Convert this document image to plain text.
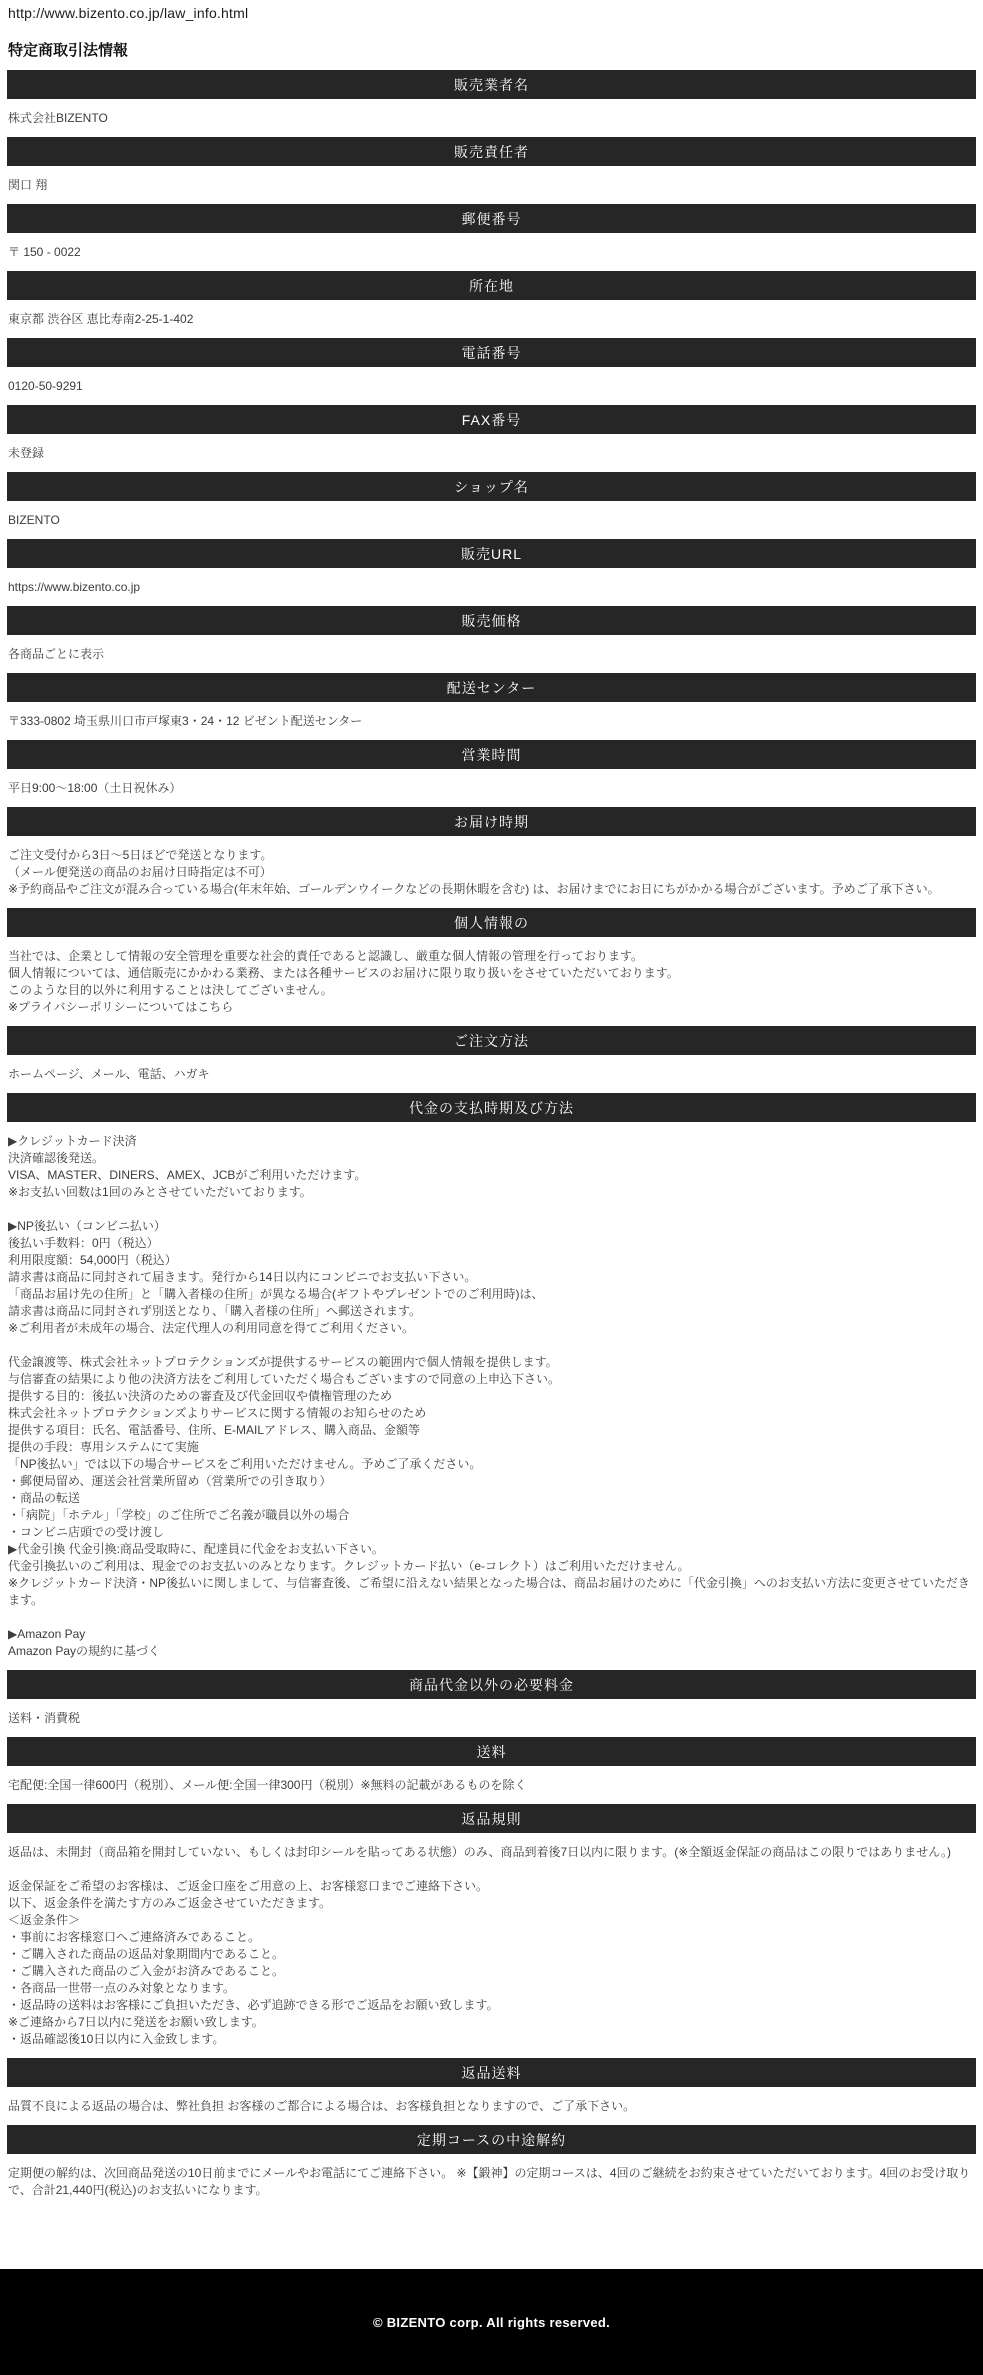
http://www.bizento.co.jp/law_info.html
特定商取引法情報
販売業者名
株式会社BIZENTO
販売責任者
関口 翔
郵便番号
〒 150 - 0022
所在地
東京都 渋谷区 恵比寿南2-25-1-402
電話番号
0120-50-9291
FAX番号
未登録
ショップ名
BIZENTO
販売URL
https://www.bizento.co.jp
販売価格
各商品ごとに表示
配送センター
〒333-0802 埼玉県川口市戸塚東3・24・12 ビゼント配送センター
営業時間
平日9:00〜18:00（土日祝休み）
お届け時期
ご注文受付から3日～5日ほどで発送となります。
（メール便発送の商品のお届け日時指定は不可）
※予約商品やご注文が混み合っている場合(年末年始、ゴールデンウイークなどの長期休暇を含む) は、お届けまでにお日にちがかかる場合がございます。予めご了承下さい。
個人情報の
当社では、企業として情報の安全管理を重要な社会的責任であると認識し、厳重な個人情報の管理を行っております。
個人情報については、通信販売にかかわる業務、または各種サービスのお届けに限り取り扱いをさせていただいております。
このような目的以外に利用することは決してございません。
※プライバシーポリシーについてはこちら
ご注文方法
ホームページ、メール、電話、ハガキ
代金の支払時期及び方法
▶クレジットカード決済
決済確認後発送。
VISA、MASTER、DINERS、AMEX、JCBがご利用いただけます。
※お支払い回数は1回のみとさせていただいております。

▶NP後払い（コンビニ払い）
後払い手数料：0円（税込）
利用限度額：54,000円（税込）
請求書は商品に同封されて届きます。発行から14日以内にコンビニでお支払い下さい。
「商品お届け先の住所」と「購入者様の住所」が異なる場合(ギフトやプレゼントでのご利用時)は、
請求書は商品に同封されず別送となり、「購入者様の住所」へ郵送されます。
※ご利用者が未成年の場合、法定代理人の利用同意を得てご利用ください。

代金譲渡等、株式会社ネットプロテクションズが提供するサービスの範囲内で個人情報を提供します。
与信審査の結果により他の決済方法をご利用していただく場合もございますので同意の上申込下さい。
提供する目的：後払い決済のための審査及び代金回収や債権管理のため
株式会社ネットプロテクションズよりサービスに関する情報のお知らせのため
提供する項目：氏名、電話番号、住所、E-MAILアドレス、購入商品、金額等
提供の手段：専用システムにて実施
「NP後払い」では以下の場合サービスをご利用いただけません。予めご了承ください。
・郵便局留め、運送会社営業所留め（営業所での引き取り）
・商品の転送
・「病院」「ホテル」「学校」のご住所でご名義が職員以外の場合
・コンビニ店頭での受け渡し
▶代金引換 代金引換:商品受取時に、配達員に代金をお支払い下さい。
代金引換払いのご利用は、現金でのお支払いのみとなります。クレジットカード払い（e-コレクト）はご利用いただけません。
※クレジットカード決済・NP後払いに関しまして、与信審査後、ご希望に沿えない結果となった場合は、商品お届けのために「代金引換」へのお支払い方法に変更させていただきます。

▶Amazon Pay
Amazon Payの規約に基づく
商品代金以外の必要料金
送料・消費税
送料
宅配便:全国一律600円（税別）、メール便:全国一律300円（税別）※無料の記載があるものを除く
返品規則
返品は、未開封（商品箱を開封していない、もしくは封印シールを貼ってある状態）のみ、商品到着後7日以内に限ります。(※全額返金保証の商品はこの限りではありません。)

返金保証をご希望のお客様は、ご返金口座をご用意の上、お客様窓口までご連絡下さい。
以下、返金条件を満たす方のみご返金させていただきます。
＜返金条件＞
・事前にお客様窓口へご連絡済みであること。
・ご購入された商品の返品対象期間内であること。
・ご購入された商品のご入金がお済みであること。
・各商品一世帯一点のみ対象となります。
・返品時の送料はお客様にご負担いただき、必ず追跡できる形でご返品をお願い致します。
※ご連絡から7日以内に発送をお願い致します。
・返品確認後10日以内に入金致します。
返品送料
品質不良による返品の場合は、弊社負担 お客様のご都合による場合は、お客様負担となりますので、ご了承下さい。
定期コースの中途解約
定期便の解約は、次回商品発送の10日前までにメールやお電話にてご連絡下さい。 ※【鍛神】の定期コースは、4回のご継続をお約束させていただいております。4回のお受け取りで、合計21,440円(税込)のお支払いになります。
© BIZENTO corp. All rights reserved.
